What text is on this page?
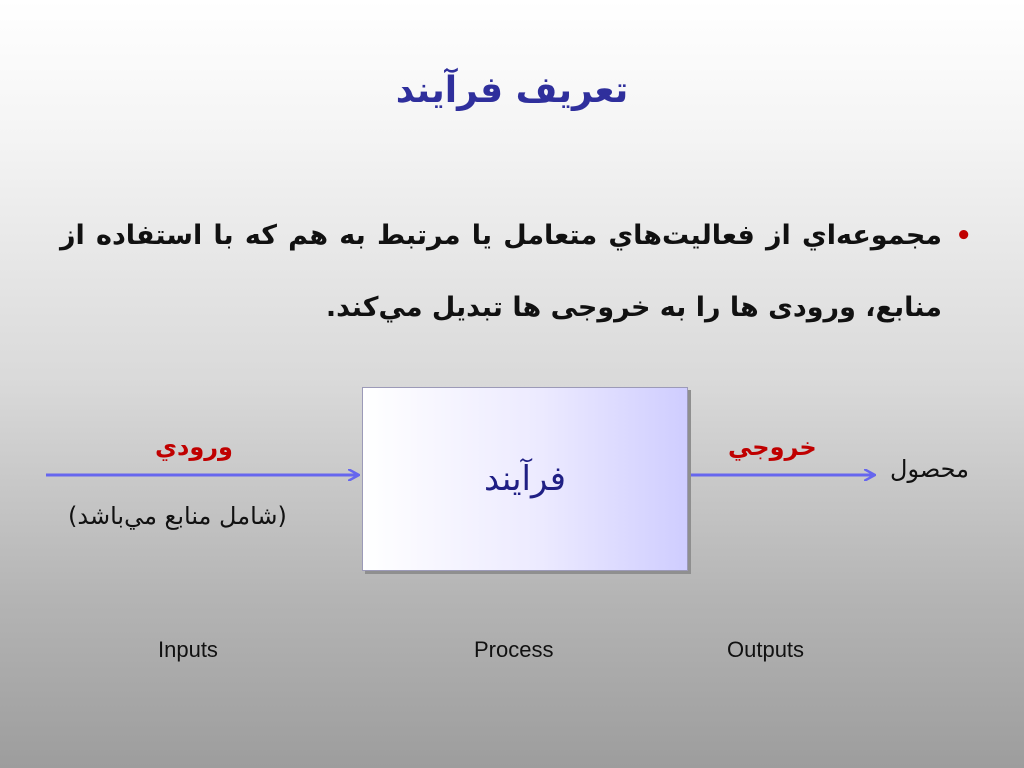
تعریف فرآیند
•
مجموعه‌اي از فعاليت‌هاي متعامل يا مرتبط به هم كه با استفاده از منابع، ورودی ها را به خروجی ها تبديل مي‌كند.
ورودي
(شامل منابع مي‌باشد)
فرآيند
خروجي
محصول
Inputs	Process	Outputs
